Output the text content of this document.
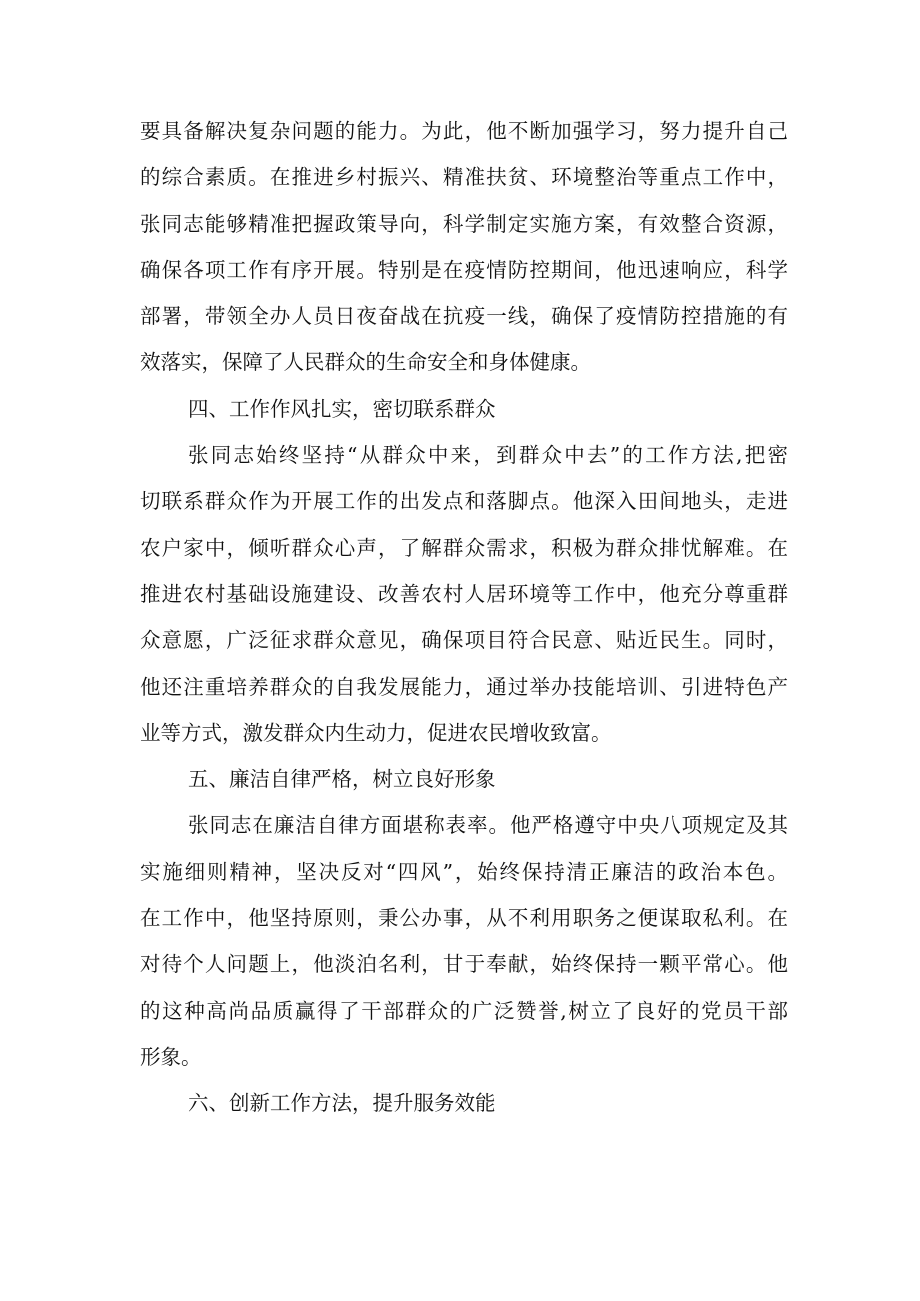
要具备解决复杂问题的能力。为此，他不断加强学习，努力提升自己
的综合素质。在推进乡村振兴、精准扶贫、环境整治等重点工作中，
张同志能够精准把握政策导向，科学制定实施方案，有效整合资源，
确保各项工作有序开展。特别是在疫情防控期间，他迅速响应，科学
部署，带领全办人员日夜奋战在抗疫一线，确保了疫情防控措施的有
效落实，保障了人民群众的生命安全和身体健康。
四、工作作风扎实，密切联系群众
张同志始终坚持“从群众中来，到群众中去”的工作方法,把密
切联系群众作为开展工作的出发点和落脚点。他深入田间地头，走进
农户家中，倾听群众心声，了解群众需求，积极为群众排忧解难。在
推进农村基础设施建设、改善农村人居环境等工作中，他充分尊重群
众意愿，广泛征求群众意见，确保项目符合民意、贴近民生。同时，
他还注重培养群众的自我发展能力，通过举办技能培训、引进特色产
业等方式，激发群众内生动力，促进农民增收致富。
五、廉洁自律严格，树立良好形象
张同志在廉洁自律方面堪称表率。他严格遵守中央八项规定及其
实施细则精神，坚决反对“四风”，始终保持清正廉洁的政治本色。
在工作中，他坚持原则，秉公办事，从不利用职务之便谋取私利。在
对待个人问题上，他淡泊名利，甘于奉献，始终保持一颗平常心。他
的这种高尚品质赢得了干部群众的广泛赞誉,树立了良好的党员干部
形象。
六、创新工作方法，提升服务效能
